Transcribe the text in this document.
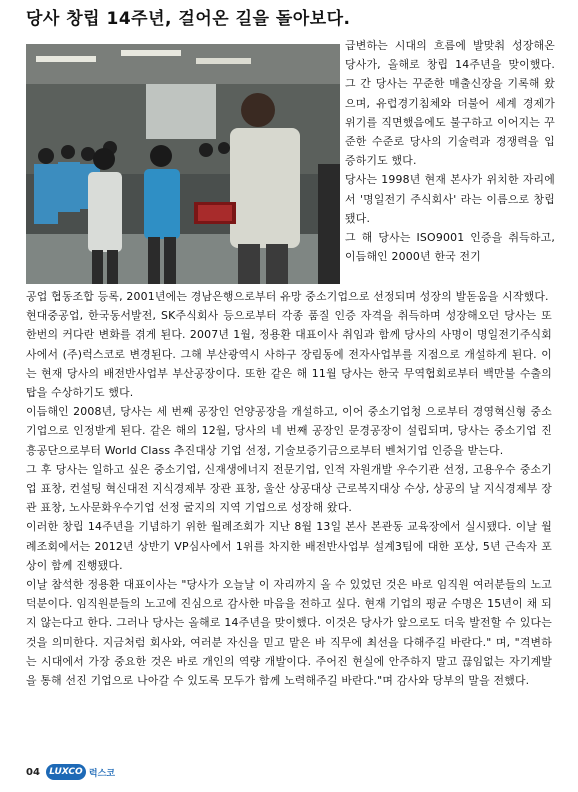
당사 창립 14주년, 걸어온 길을 돌아보다.
급변하는 시대의 흐름에 발맞춰 성장해온 당사가, 올해로 창립 14주년을 맞이했다. 그 간 당사는 꾸준한 매출신장을 기록해 왔으며, 유럽경기침체와 더불어 세계 경제가 위기를 직면했음에도 불구하고 이어지는 꾸준한 수준로 당사의 기술력과 경쟁력을 입증하기도 했다.
당사는 1998년 현재 본사가 위치한 자리에서 '명일전기 주식회사' 라는 이름으로 창립됐다.
그 해 당사는 ISO9001 인증을 취득하고, 이듬해인 2000년 한국 전기
공업 협동조합 등록, 2001년에는 경남은행으로부터 유망 중소기업으로 선정되며 성장의 발돋움을 시작했다.
현대중공업, 한국동서발전, SK주식회사 등으로부터 각종 품질 인증 자격을 취득하며 성장해오던 당사는 또 한번의 커다란 변화를 겪게 된다. 2007년 1월, 정용환 대표이사 취임과 함께 당사의 사명이 명일전기주식회사에서 (주)럭스코로 변경된다. 그해 부산광역시 사하구 장림동에 전자사업부를 지점으로 개설하게 된다. 이는 현재 당사의 배전반사업부 부산공장이다. 또한 같은 해 11월 당사는 한국 무역협회로부터 백만불 수출의 탑을 수상하기도 했다.
이듬해인 2008년, 당사는 세 번째 공장인 언양공장을 개설하고, 이어 중소기업청 으로부터 경영혁신형 중소기업으로 인정받게 된다. 같은 해의 12월, 당사의 네 번째 공장인 문경공장이 설립되며, 당사는 중소기업 진흥공단으로부터 World Class 추진대상 기업 선정, 기술보증기금으로부터 벤처기업 인증을 받는다.
그 후 당사는 일하고 싶은 중소기업, 신재생에너지 전문기업, 인적 자원개발 우수기관 선정, 고용우수 중소기업 표창, 컨설팅 혁신대전 지식경제부 장관 표창, 울산 상공대상 근로복지대상 수상, 상공의 날 지식경제부 장관 표창, 노사문화우수기업 선정 굴지의 지역 기업으로 성장해 왔다.
이러한 창립 14주년을 기념하기 위한 월례조회가 지난 8월 13일 본사 본관동 교육장에서 실시됐다. 이날 월례조회에서는 2012년 상반기 VP심사에서 1위를 차지한 배전반사업부 설계3팀에 대한 포상, 5년 근속자 포상이 함께 진행됐다.
이날 참석한 정용환 대표이사는 "당사가 오늘날 이 자리까지 올 수 있었던 것은 바로 임직원 여러분들의 노고 덕분이다. 임직원분들의 노고에 진심으로 감사한 마음을 전하고 싶다. 현재 기업의 평균 수명은 15년이 채 되지 않는다고 한다. 그러나 당사는 올해로 14주년을 맞이했다. 이것은 당사가 앞으로도 더욱 발전할 수 있다는 것을 의미한다. 지금처럼 회사와, 여러분 자신을 믿고 맡은 바 직무에 최선을 다해주길 바란다." 며, "격변하는 시대에서 가장 중요한 것은 바로 개인의 역량 개발이다. 주어진 현실에 안주하지 말고 끊임없는 자기계발을 통해 선진 기업으로 나아갈 수 있도록 모두가 함께 노력해주길 바란다."며 감사와 당부의 말을 전했다.
04	LUXCO 럭스코
